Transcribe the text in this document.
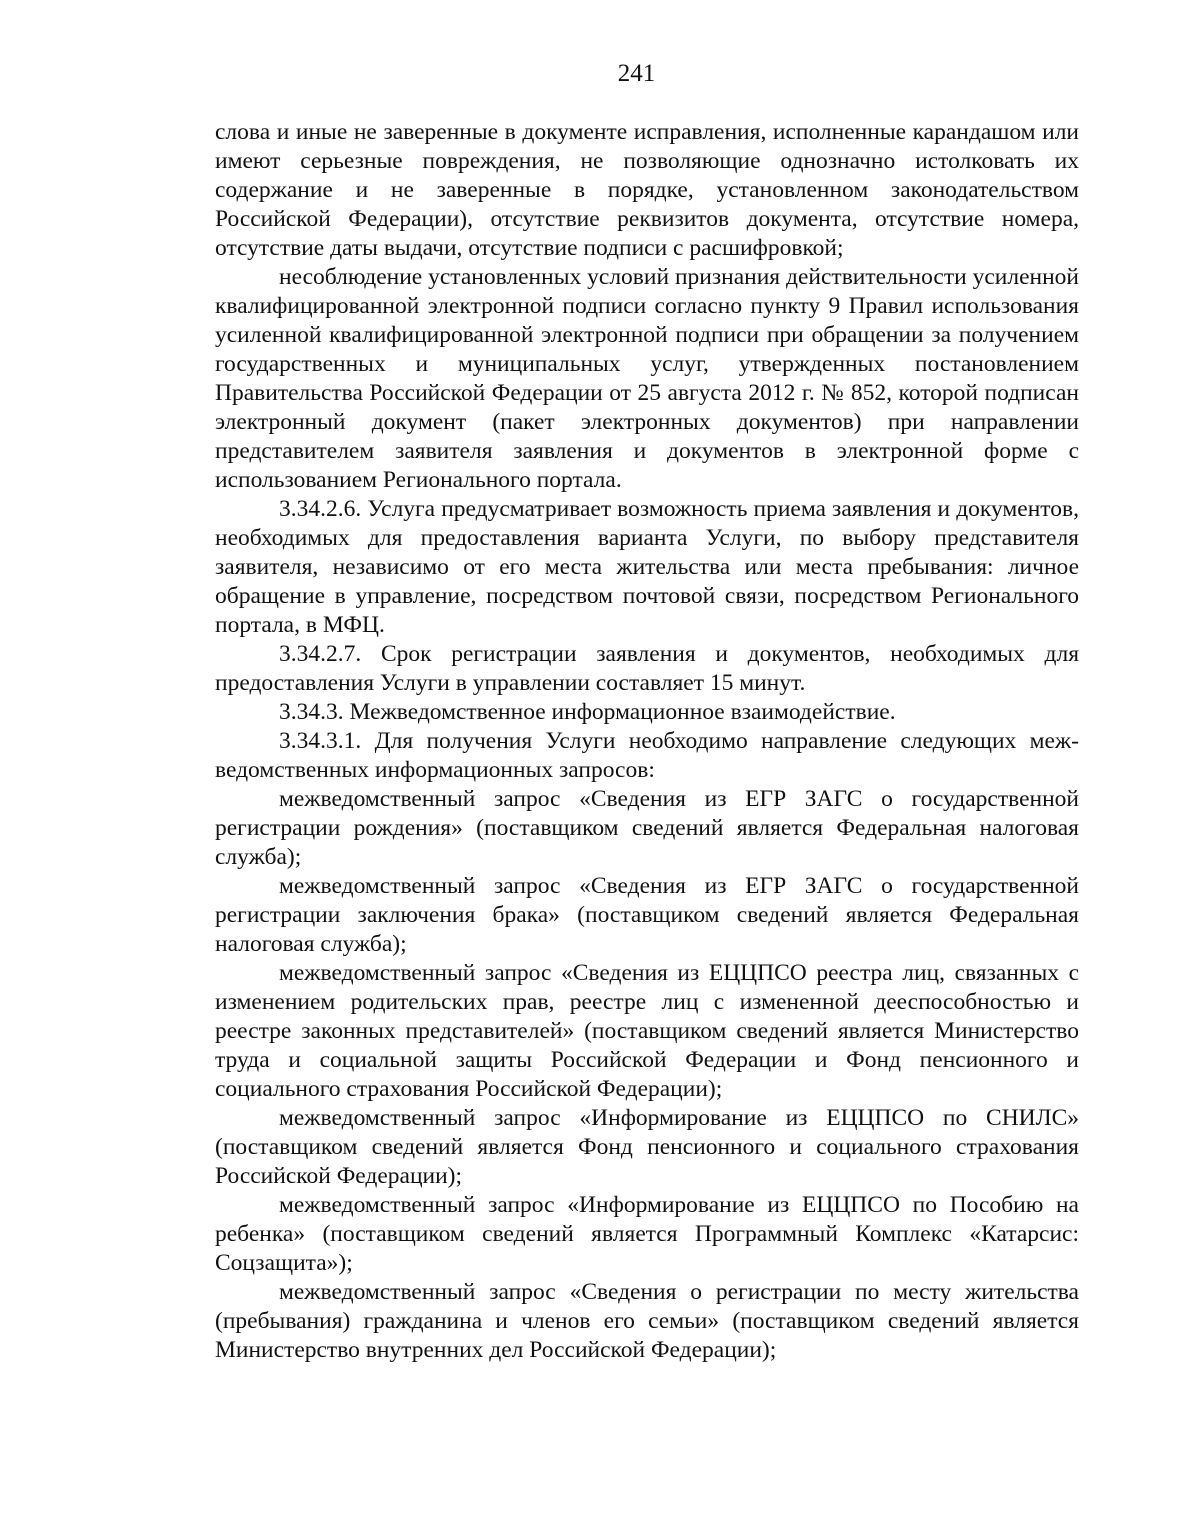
241

слова и иные не заверенные в документе исправления, исполненные карандашом или имеют серьезные повреждения, не позволяющие однозначно истолковать их содержание и не заверенные в порядке, установленном законодательством Российской Федерации), отсутствие реквизитов документа, отсутствие номера, отсутствие даты выдачи, отсутствие подписи с расшифровкой;

несоблюдение установленных условий признания действительности усиленной квалифицированной электронной подписи согласно пункту 9 Правил использования усиленной квалифицированной электронной подписи при обращении за получением государственных и муниципальных услуг, утвержденных постановлением Правительства Российской Федерации от 25 августа 2012 г. № 852, которой подписан электронный документ (пакет электронных документов) при направлении представителем заявителя заявления и документов в электронной форме с использованием Регионального портала.

3.34.2.6. Услуга предусматривает возможность приема заявления и документов, необходимых для предоставления варианта Услуги, по выбору представителя заявителя, независимо от его места жительства или места пребывания: личное обращение в управление, посредством почтовой связи, посредством Регионального портала, в МФЦ.

3.34.2.7. Срок регистрации заявления и документов, необходимых для предоставления Услуги в управлении составляет 15 минут.

3.34.3. Межведомственное информационное взаимодействие.

3.34.3.1. Для получения Услуги необходимо направление следующих межведомственных информационных запросов:

межведомственный запрос «Сведения из ЕГР ЗАГС о государственной регистрации рождения» (поставщиком сведений является Федеральная налоговая служба);

межведомственный запрос «Сведения из ЕГР ЗАГС о государственной регистрации заключения брака» (поставщиком сведений является Федеральная налоговая служба);

межведомственный запрос «Сведения из ЕЦЦПСО реестра лиц, связанных с изменением родительских прав, реестре лиц с измененной дееспособностью и реестре законных представителей» (поставщиком сведений является Министерство труда и социальной защиты Российской Федерации и Фонд пенсионного и социального страхования Российской Федерации);

межведомственный запрос «Информирование из ЕЦЦПСО по СНИЛС» (поставщиком сведений является Фонд пенсионного и социального страхования Российской Федерации);

межведомственный запрос «Информирование из ЕЦЦПСО по Пособию на ребенка» (поставщиком сведений является Программный Комплекс «Катарсис: Соцзащита»);

межведомственный запрос «Сведения о регистрации по месту жительства (пребывания) гражданина и членов его семьи» (поставщиком сведений является Министерство внутренних дел Российской Федерации);
